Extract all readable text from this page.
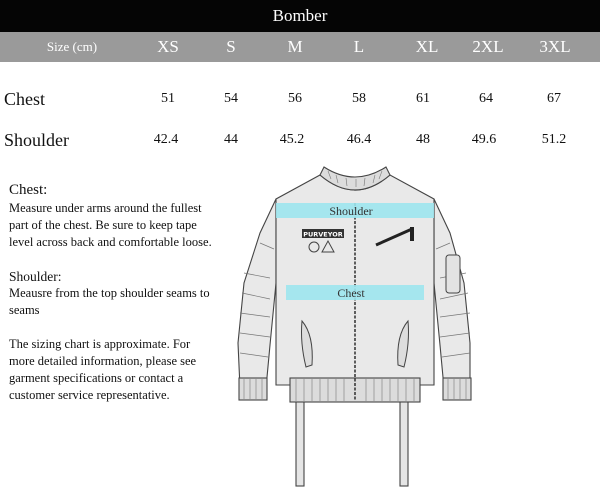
Bomber
Size (cm)	XS	S	M	L	XL 2XL 3XL
Chest	51	54	56	58	61	64	67
Shoulder	42.4	44	45.2	46.4	48	49.6	51.2

Chest:
Measure under arms around the fullest part of the chest. Be sure to keep tape level across back and comfortable loose.

Shoulder:
Meausre from the top shoulder seams to seams

The sizing chart is approximate. For more detailed information, please see garment specifications or contact a customer service representative.

PURVEYOR
Shoulder
Chest
